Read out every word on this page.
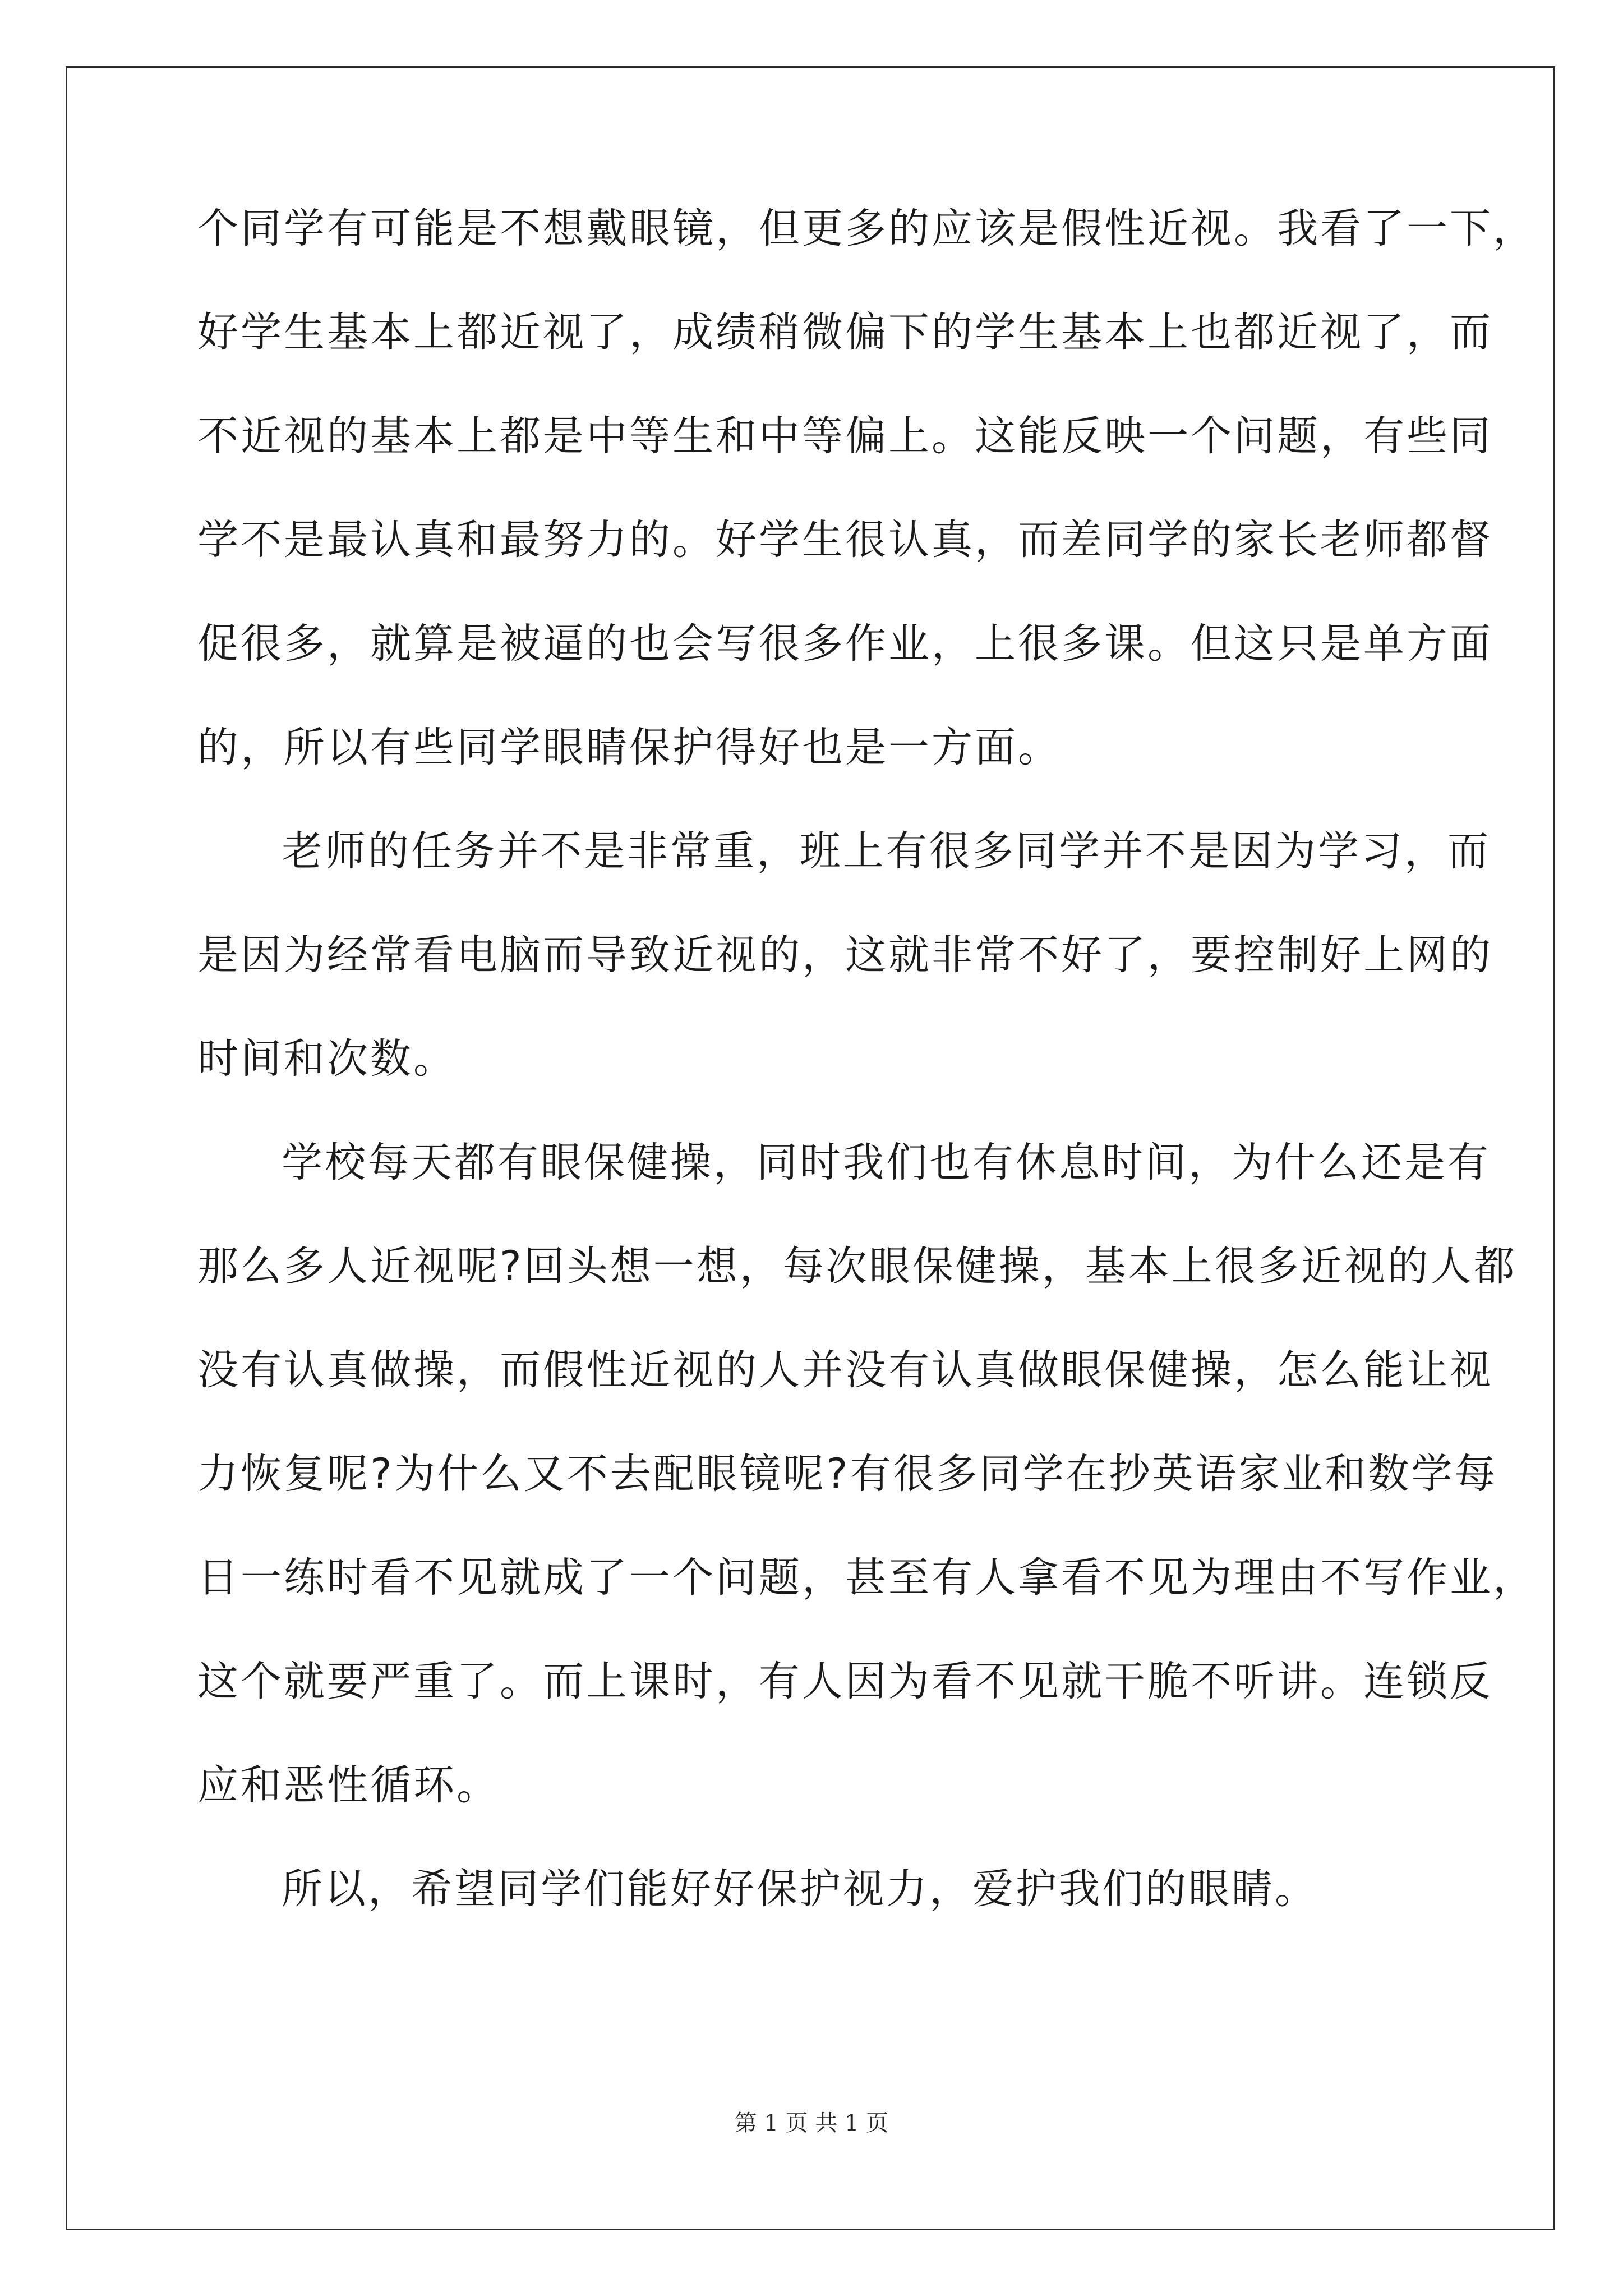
个同学有可能是不想戴眼镜，但更多的应该是假性近视。我看了一下，
好学生基本上都近视了，成绩稍微偏下的学生基本上也都近视了，而
不近视的基本上都是中等生和中等偏上。这能反映一个问题，有些同
学不是最认真和最努力的。好学生很认真，而差同学的家长老师都督
促很多，就算是被逼的也会写很多作业，上很多课。但这只是单方面
的，所以有些同学眼睛保护得好也是一方面。
老师的任务并不是非常重，班上有很多同学并不是因为学习，而
是因为经常看电脑而导致近视的，这就非常不好了，要控制好上网的
时间和次数。
学校每天都有眼保健操，同时我们也有休息时间，为什么还是有
那么多人近视呢?回头想一想，每次眼保健操，基本上很多近视的人都
没有认真做操，而假性近视的人并没有认真做眼保健操，怎么能让视
力恢复呢?为什么又不去配眼镜呢?有很多同学在抄英语家业和数学每
日一练时看不见就成了一个问题，甚至有人拿看不见为理由不写作业，
这个就要严重了。而上课时，有人因为看不见就干脆不听讲。连锁反
应和恶性循环。
所以，希望同学们能好好保护视力，爱护我们的眼睛。
第 1 页 共 1 页
